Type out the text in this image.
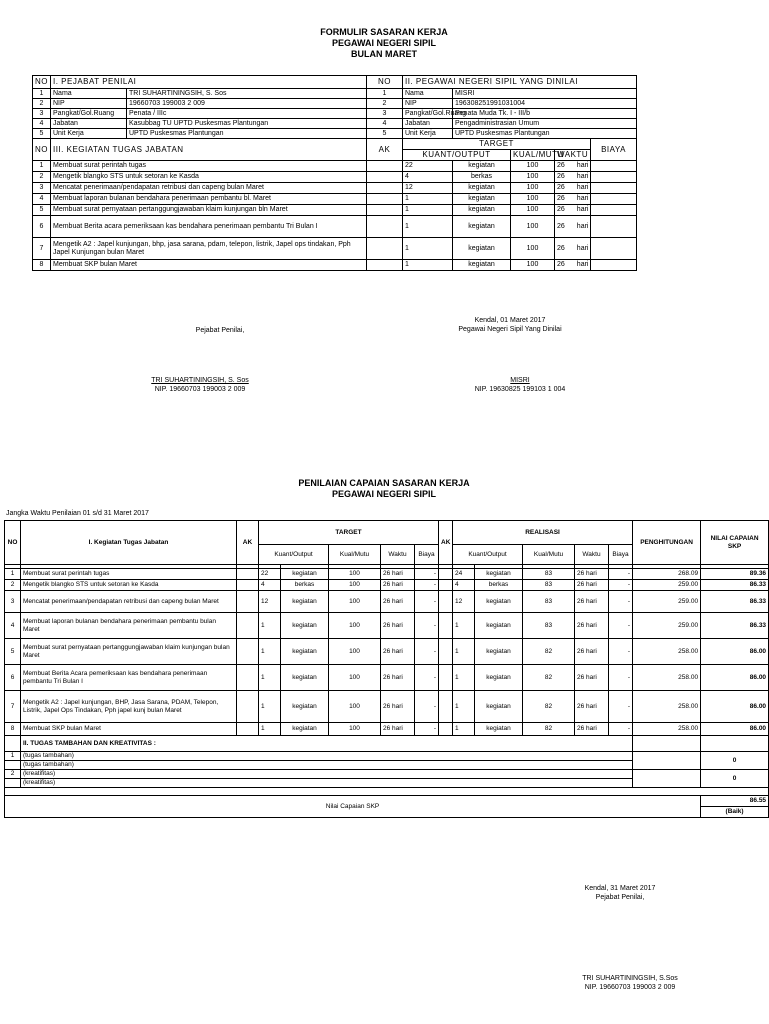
FORMULIR SASARAN KERJA
PEGAWAI NEGERI SIPIL
BULAN MARET
NO	I. PEJABAT PENILAI		NO	II. PEGAWAI NEGERI SIPIL YANG DINILAI				
1	Nama	TRI SUHARTININGSIH, S. Sos	1	Nama	MISRI			
2	NIP	19660703 199003 2 009	2	NIP	196308251991031004			
3	Pangkat/Gol.Ruang	Penata / IIIc	3	Pangkat/Gol.Ruang	Penata Muda Tk. I - III/b			
4	Jabatan	Kasubbag TU UPTD Puskesmas Plantungan	4	Jabatan	Pengadministrasian Umum			
5	Unit Kerja	UPTD Puskesmas Plantungan	5	Unit Kerja	UPTD Puskesmas Plantungan			
NO	III. KEGIATAN TUGAS JABATAN		AK	TARGET				BIAYA
				KUANT/OUTPUT		KUAL/MUTU	WAKTU	
1	Membuat surat perintah tugas			22	kegiatan	100	26 hari	
2	Mengetik blangko STS untuk setoran ke Kasda			4	berkas	100	26 hari	
3	Mencatat penerimaan/pendapatan retribusi dan capeng bulan Maret			12	kegiatan	100	26 hari	
4	Membuat laporan bulanan bendahara penerimaan pembantu bl. Maret			1	kegiatan	100	26 hari	
5	Membuat surat pernyataan pertanggungjawaban klaim kunjungan bln Maret			1	kegiatan	100	26 hari	
6	Membuat Berita acara pemeriksaan kas bendahara penerimaan pembantu Tri Bulan I			1	kegiatan	100	26 hari	
7	Mengetik A2 : Japel kunjungan, bhp, jasa sarana, pdam, telepon, listrik, Japel ops tindakan, Pph Japel Kunjungan bulan Maret			1	kegiatan	100	26 hari	
8	Membuat SKP bulan Maret			1	kegiatan	100	26 hari	
Pejabat Penilai,
TRI SUHARTININGSIH, S. Sos
NIP. 19660703 199003 2 009
Kendal, 01 Maret 2017
Pegawai Negeri Sipil Yang Dinilai
MISRI
NIP. 19630825 199103 1 004
PENILAIAN CAPAIAN SASARAN KERJA
PEGAWAI NEGERI SIPIL
Jangka Waktu Penilaian 01 s/d 31 Maret 2017
NO	I. Kegiatan Tugas Jabatan	AK	TARGET					AK	REALISASI					PENGHITUNGAN	NILAI CAPAIAN SKP
			Kuant/Output		Kual/Mutu	Waktu	Biaya		Kuant/Output		Kual/Mutu	Waktu	Biaya		

1	Membuat surat perintah tugas		22	kegiatan	100	26 hari	-		24	kegiatan	83	26 hari	-	268.09	89.36
2	Mengetik blangko STS untuk setoran ke Kasda		4	berkas	100	26 hari	-		4	berkas	83	26 hari	-	259.00	86.33
3	Mencatat penerimaan/pendapatan retribusi dan capeng bulan Maret		12	kegiatan	100	26 hari	-		12	kegiatan	83	26 hari	-	259.00	86.33
4	Membuat laporan bulanan bendahara penerimaan pembantu bulan Maret		1	kegiatan	100	26 hari	-		1	kegiatan	83	26 hari	-	259.00	86.33
5	Membuat surat pernyataan pertanggungjawaban klaim kunjungan bulan Maret		1	kegiatan	100	26 hari	-		1	kegiatan	82	26 hari	-	258.00	86.00
6	Membuat Berita Acara pemeriksaan kas bendahara penerimaan pembantu Tri Bulan I		1	kegiatan	100	26 hari	-		1	kegiatan	82	26 hari	-	258.00	86.00
7	Mengetik A2 : Japel kunjungan, BHP, Jasa Sarana, PDAM, Telepon, Listrik, Japel Ops Tindakan, Pph japel kunj bulan Maret		1	kegiatan	100	26 hari	-		1	kegiatan	82	26 hari	-	258.00	86.00
8	Membuat SKP bulan Maret		1	kegiatan	100	26 hari	-		1	kegiatan	82	26 hari	-	258.00	86.00
	II. TUGAS TAMBAHAN DAN KREATIVITAS :														
1	(tugas tambahan)														0
	(tugas tambahan)														
2	(kreatifitas)														0
	(kreatifitas)														

Nilai Capaian SKP															86.55
															(Baik)
Kendal, 31 Maret 2017
Pejabat Penilai,
TRI SUHARTININGSIH, S.Sos
NIP. 19660703 199003 2 009
